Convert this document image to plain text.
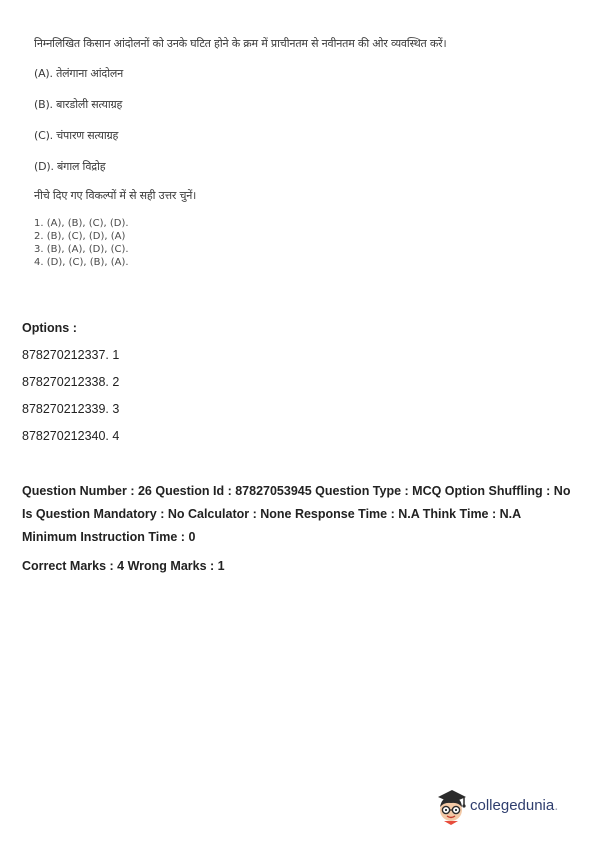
निम्नलिखित किसान आंदोलनों को उनके घटित होने के क्रम में प्राचीनतम से नवीनतम की ओर व्यवस्थित करें।

(A). तेलंगाना आंदोलन

(B). बारडोली सत्याग्रह

(C). चंपारण सत्याग्रह

(D). बंगाल विद्रोह

नीचे दिए गए विकल्पों में से सही उत्तर चुनें।

1. (A), (B), (C), (D).

2. (B), (C), (D), (A)

3. (B), (A), (D), (C).

4. (D), (C), (B), (A).

Options :

878270212337. 1

878270212338. 2

878270212339. 3

878270212340. 4

Question Number : 26 Question Id : 87827053945 Question Type : MCQ Option Shuffling : No

Is Question Mandatory : No Calculator : None Response Time : N.A Think Time : N.A

Minimum Instruction Time : 0

Correct Marks : 4 Wrong Marks : 1

collegedunia.
